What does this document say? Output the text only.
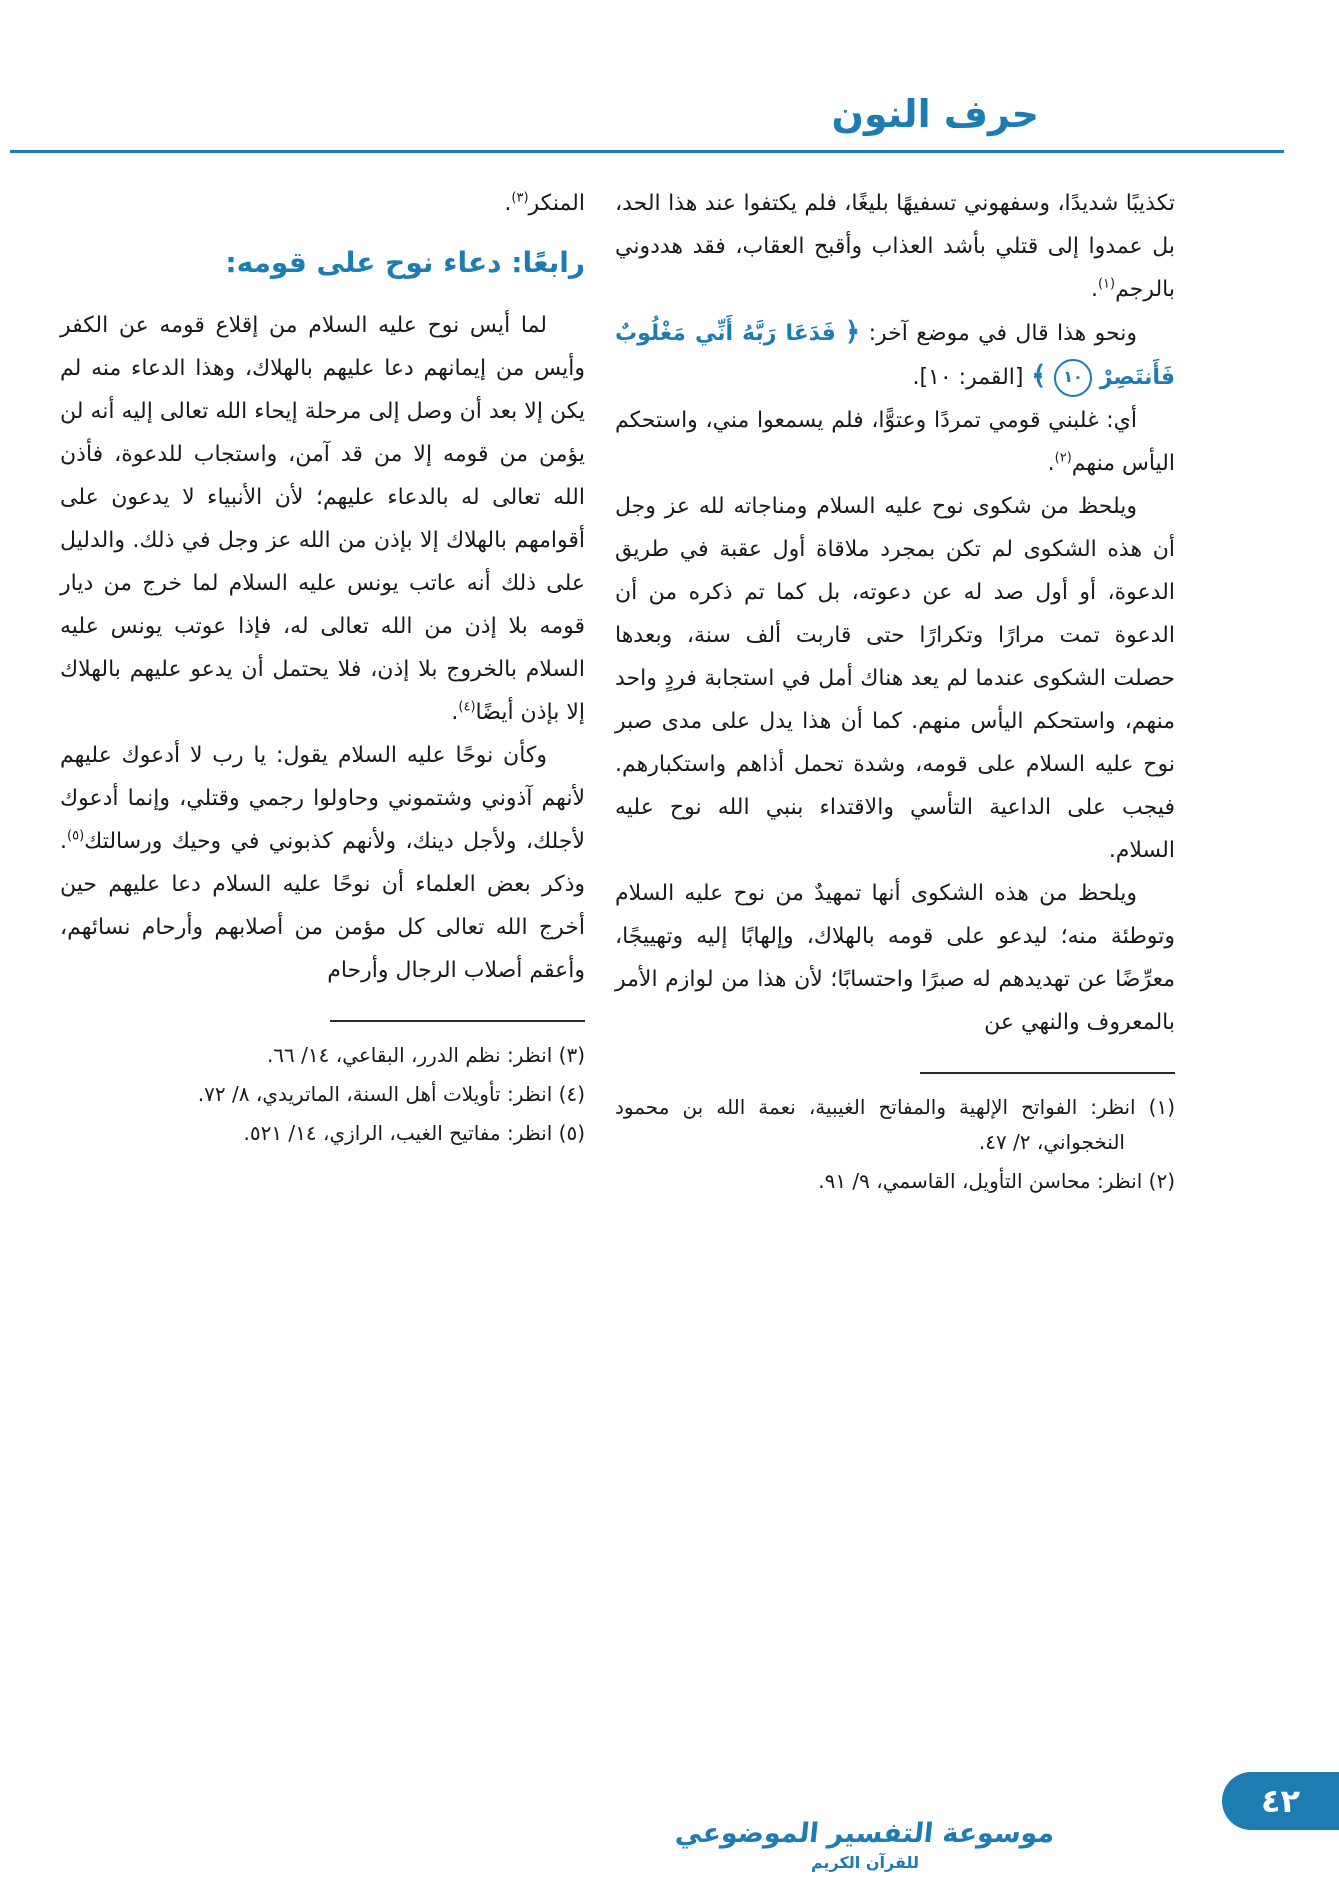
حرف النون

تكذيبًا شديدًا، وسفهوني تسفيهًا بليغًا، فلم يكتفوا عند هذا الحد، بل عمدوا إلى قتلي بأشد العذاب وأقبح العقاب، فقد هددوني بالرجم$^{(١)}$.

ونحو هذا قال في موضع آخر: ﴿ فَدَعَا رَبَّهُ أَنِّي مَغْلُوبٌ فَأَنتَصِرْ ١٠ ﴾ [القمر: ١٠].

أي: غلبني قومي تمردًا وعتوًّا، فلم يسمعوا مني، واستحكم اليأس منهم$^{(٢)}$.

ويلحظ من شكوى نوح عليه السلام ومناجاته لله عز وجل أن هذه الشكوى لم تكن بمجرد ملاقاة أول عقبة في طريق الدعوة، أو أول صد له عن دعوته، بل كما تم ذكره من أن الدعوة تمت مرارًا وتكرارًا حتى قاربت ألف سنة، وبعدها حصلت الشكوى عندما لم يعد هناك أمل في استجابة فردٍ واحد منهم، واستحكم اليأس منهم. كما أن هذا يدل على مدى صبر نوح عليه السلام على قومه، وشدة تحمل أذاهم واستكبارهم. فيجب على الداعية التأسي والاقتداء بنبي الله نوح عليه السلام.

ويلحظ من هذه الشكوى أنها تمهيدٌ من نوح عليه السلام وتوطئة منه؛ ليدعو على قومه بالهلاك، وإلهابًا إليه وتهييجًا، معرِّضًا عن تهديدهم له صبرًا واحتسابًا؛ لأن هذا من لوازم الأمر بالمعروف والنهي عن

(١) انظر: الفواتح الإلهية والمفاتح الغيبية، نعمة الله بن محمود النخجواني، ٢/ ٤٧.

(٢) انظر: محاسن التأويل، القاسمي، ٩/ ٩١.

المنكر$^{(٣)}$.

رابعًا: دعاء نوح على قومه:

لما أيس نوح عليه السلام من إقلاع قومه عن الكفر وأيس من إيمانهم دعا عليهم بالهلاك، وهذا الدعاء منه لم يكن إلا بعد أن وصل إلى مرحلة إيحاء الله تعالى إليه أنه لن يؤمن من قومه إلا من قد آمن، واستجاب للدعوة، فأذن الله تعالى له بالدعاء عليهم؛ لأن الأنبياء لا يدعون على أقوامهم بالهلاك إلا بإذن من الله عز وجل في ذلك. والدليل على ذلك أنه عاتب يونس عليه السلام لما خرج من ديار قومه بلا إذن من الله تعالى له، فإذا عوتب يونس عليه السلام بالخروج بلا إذن، فلا يحتمل أن يدعو عليهم بالهلاك إلا بإذن أيضًا$^{(٤)}$.

وكأن نوحًا عليه السلام يقول: يا رب لا أدعوك عليهم لأنهم آذوني وشتموني وحاولوا رجمي وقتلي، وإنما أدعوك لأجلك، ولأجل دينك، ولأنهم كذبوني في وحيك ورسالتك$^{(٥)}$. وذكر بعض العلماء أن نوحًا عليه السلام دعا عليهم حين أخرج الله تعالى كل مؤمن من أصلابهم وأرحام نسائهم، وأعقم أصلاب الرجال وأرحام

(٣) انظر: نظم الدرر، البقاعي، ١٤/ ٦٦.

(٤) انظر: تأويلات أهل السنة، الماتريدي، ٨/ ٧٢.

(٥) انظر: مفاتيح الغيب، الرازي، ١٤/ ٥٢١.

موسوعة التفسير الموضوعي
للقرآن الكريم
٤٢
